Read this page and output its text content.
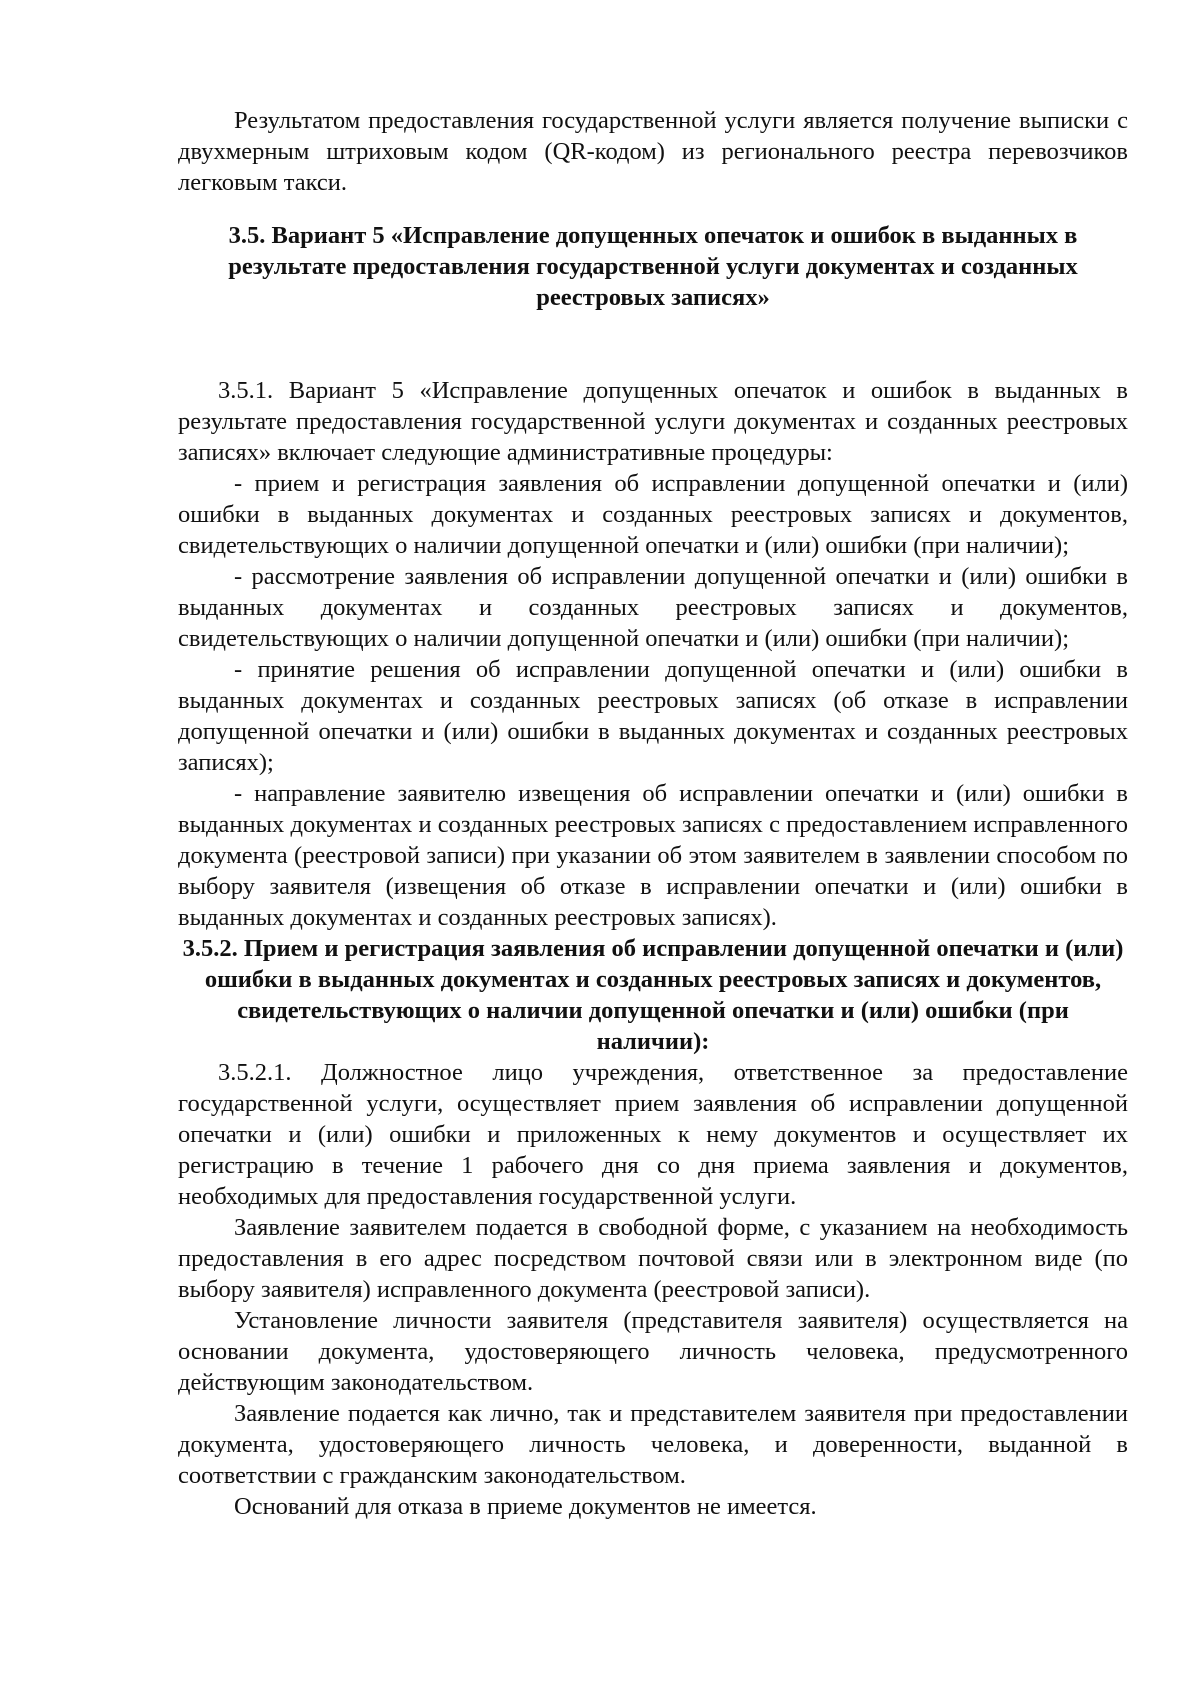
Результатом предоставления государственной услуги является получение выписки с двухмерным штриховым кодом (QR-кодом) из регионального реестра перевозчиков легковым такси.

3.5. Вариант 5 «Исправление допущенных опечаток и ошибок в выданных в результате предоставления государственной услуги документах и созданных реестровых записях»

3.5.1. Вариант 5 «Исправление допущенных опечаток и ошибок в выданных в результате предоставления государственной услуги документах и созданных реестровых записях» включает следующие административные процедуры:

- прием и регистрация заявления об исправлении допущенной опечатки и (или) ошибки в выданных документах и созданных реестровых записях и документов, свидетельствующих о наличии допущенной опечатки и (или) ошибки (при наличии);

- рассмотрение заявления об исправлении допущенной опечатки и (или) ошибки в выданных документах и созданных реестровых записях и документов, свидетельствующих о наличии допущенной опечатки и (или) ошибки (при наличии);

- принятие решения об исправлении допущенной опечатки и (или) ошибки в выданных документах и созданных реестровых записях (об отказе в исправлении допущенной опечатки и (или) ошибки в выданных документах и созданных реестровых записях);

- направление заявителю извещения об исправлении опечатки и (или) ошибки в выданных документах и созданных реестровых записях с предоставлением исправленного документа (реестровой записи) при указании об этом заявителем в заявлении способом по выбору заявителя (извещения об отказе в исправлении опечатки и (или) ошибки в выданных документах и созданных реестровых записях).

3.5.2. Прием и регистрация заявления об исправлении допущенной опечатки и (или) ошибки в выданных документах и созданных реестровых записях и документов, свидетельствующих о наличии допущенной опечатки и (или) ошибки (при наличии):

3.5.2.1. Должностное лицо учреждения, ответственное за предоставление государственной услуги, осуществляет прием заявления об исправлении допущенной опечатки и (или) ошибки и приложенных к нему документов и осуществляет их регистрацию в течение 1 рабочего дня со дня приема заявления и документов, необходимых для предоставления государственной услуги.

Заявление заявителем подается в свободной форме, с указанием на необходимость предоставления в его адрес посредством почтовой связи или в электронном виде (по выбору заявителя) исправленного документа (реестровой записи).

Установление личности заявителя (представителя заявителя) осуществляется на основании документа, удостоверяющего личность человека, предусмотренного действующим законодательством.

Заявление подается как лично, так и представителем заявителя при предоставлении документа, удостоверяющего личность человека, и доверенности, выданной в соответствии с гражданским законодательством.

Оснований для отказа в приеме документов не имеется.
